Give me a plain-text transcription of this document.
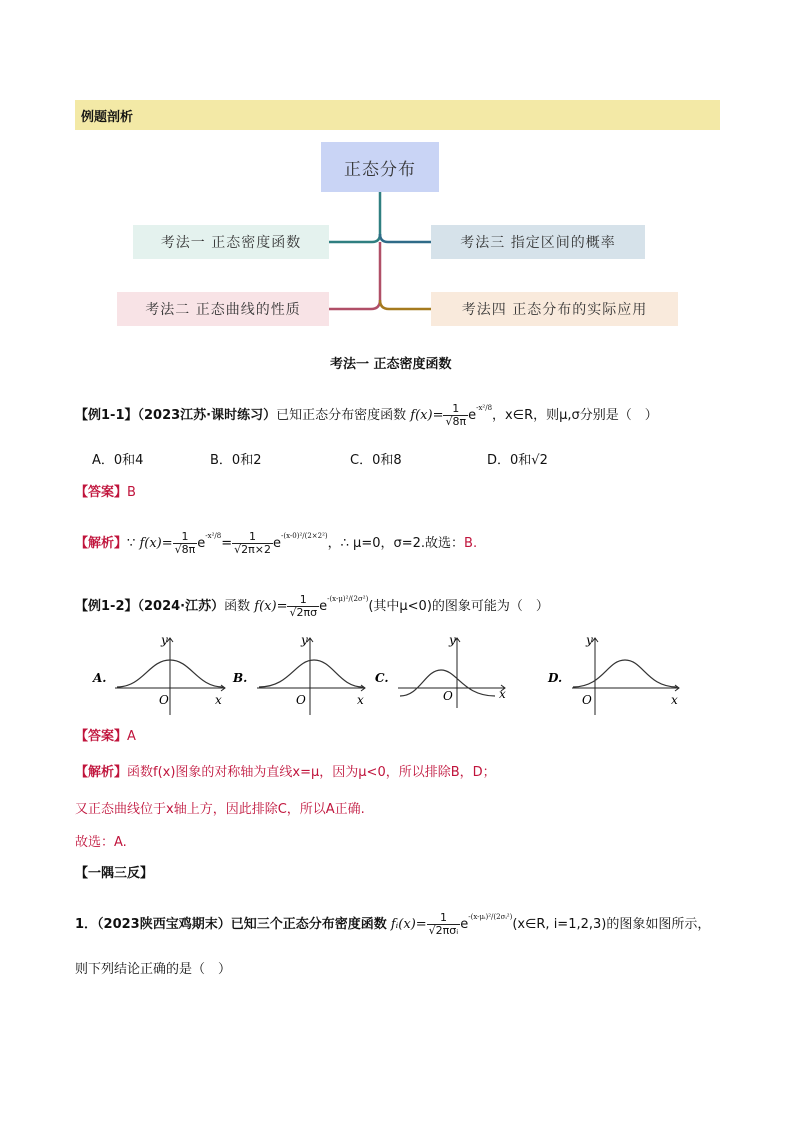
例题剖析
正态分布
考法一 正态密度函数	考法三 指定区间的概率
考法二 正态曲线的性质	考法四 正态分布的实际应用
考法一 正态密度函数
【例1-1】（2023江苏·课时练习）已知正态分布密度函数 $f(x)= \frac{1}{√8\pi} e^{-x^2/8}$，x∈R，则μ,σ分别是（　）
A．0和4	B．0和2	C．0和8	D．0和√2
【答案】B
【解析】∵ $f(x)= \frac{1}{√8\pi} e^{-x^2/8}= \frac{1}{√2\pi\times 2} e^{-(x-0)^2/(2\times 2^2)}$，∴ μ=0，σ=2.故选：B.
【例1-2】（2024·江苏）函数 $f(x)= \frac{1}{√2\pi\sigma} e^{-(x-\mu)^2/(2\sigma^2)}$(其中μ<0)的图象可能为（　）
A.
y
x
O
B.
y
x
O
C.
y
x
O
D.
y
x
O
【答案】A
【解析】函数f(x)图象的对称轴为直线x=μ，因为μ<0，所以排除B，D；
又正态曲线位于x轴上方，因此排除C，所以A正确.
故选：A.
【一隅三反】
1．（2023陕西宝鸡期末）已知三个正态分布密度函数 fᵢ(x)= $\frac{1}{\text{√2πσᵢ}}$ $e^{-(x-\mu ᵢ)^2/(2\sigma ᵢ^2)}(x\in R$, i=1,2,3)的图象如图所示，
则下列结论正确的是（　）
